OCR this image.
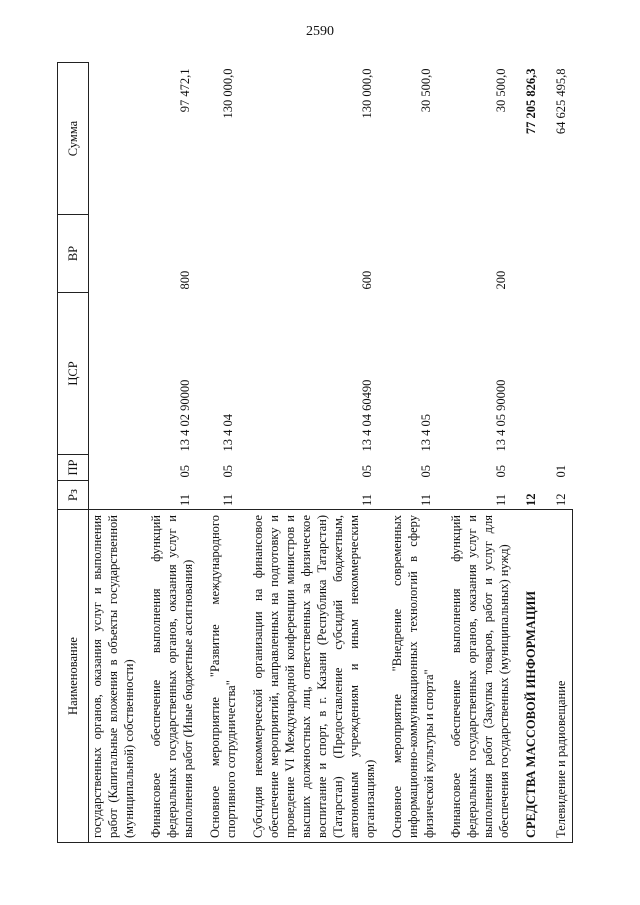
2590
Наименование	Рз	ПР	ЦСР	ВР	Сумма
государственных органов, оказания услуг и выполнения работ (Капитальные вложения в объекты государственной (муниципальной) собственности)					
Финансовое обеспечение выполнения функций федеральных государственных органов, оказания услуг и выполнения работ (Иные бюджетные ассигнования)	11	05	13 4 02 90000	800	97 472,1
Основное мероприятие "Развитие международного спортивного сотрудничества"	11	05	13 4 04		130 000,0
Субсидия некоммерческой организации на финансовое обеспечение мероприятий, направленных на подготовку и проведение VI Международной конференции министров и высших должностных лиц, ответственных за физическое воспитание и спорт, в г. Казани (Республика Татарстан) (Татарстан) (Предоставление субсидий бюджетным, автономным учреждениям и иным некоммерческим организациям)	11	05	13 4 04 60490	600	130 000,0
Основное мероприятие "Внедрение современных информационно-коммуникационных технологий в сферу физической культуры и спорта"	11	05	13 4 05		30 500,0
Финансовое обеспечение выполнения функций федеральных государственных органов, оказания услуг и выполнения работ (Закупка товаров, работ и услуг для обеспечения государственных (муниципальных) нужд)	11	05	13 4 05 90000	200	30 500,0
СРЕДСТВА МАССОВОЙ ИНФОРМАЦИИ	12				77 205 826,3
Телевидение и радиовещание	12	01			64 625 495,8
